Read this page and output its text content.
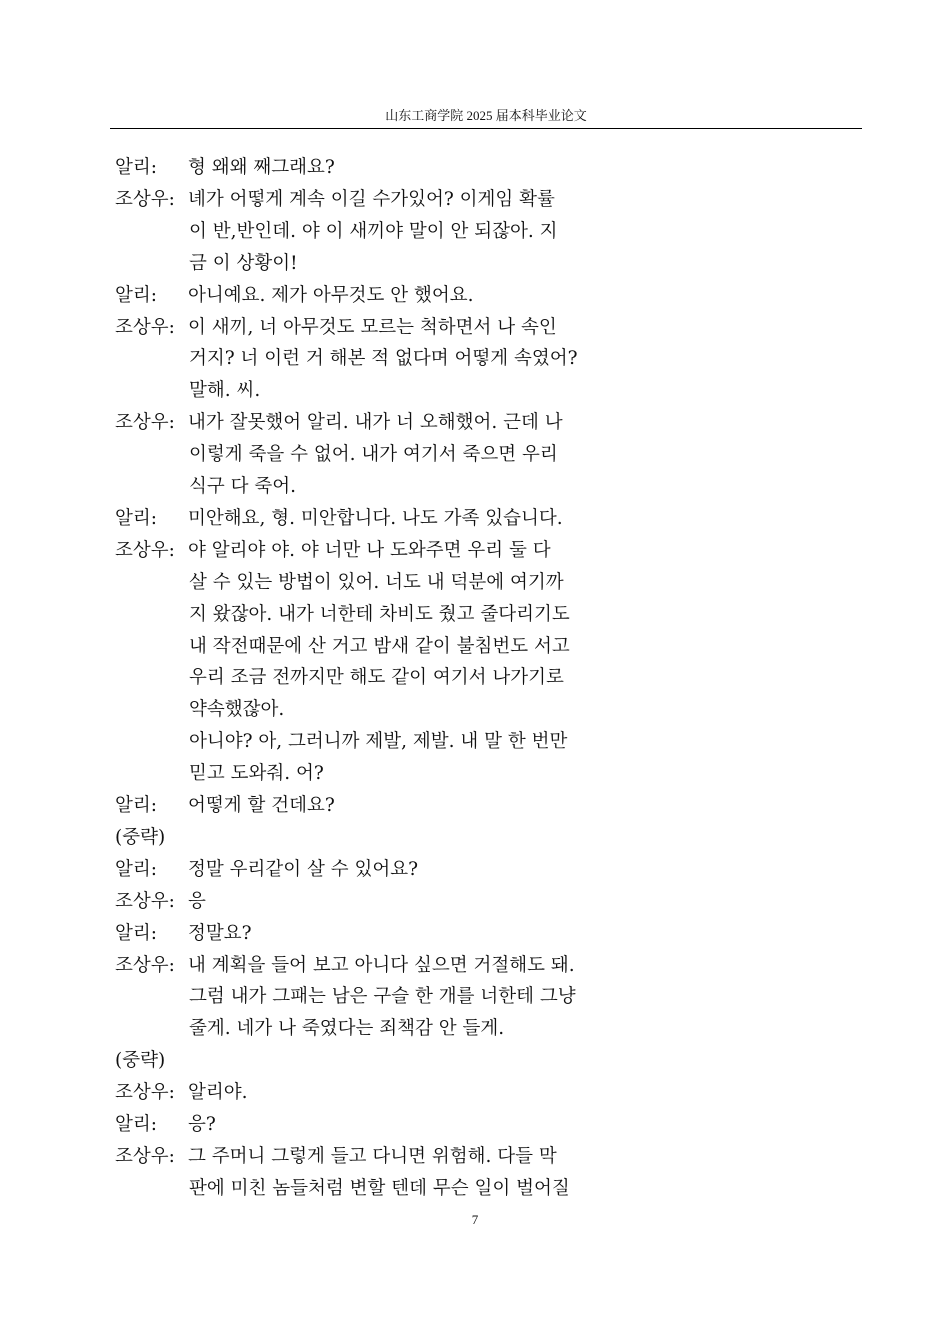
山东工商学院 2025 届本科毕业论文
알리: 형 왜왜 째그래요?
조상우: 녜가 어떻게 계속 이길 수가있어? 이게임 확률
이 반,반인데. 야 이 새끼야 말이 안 되잖아. 지
금 이 상황이!
알리: 아니예요. 제가 아무것도 안 했어요.
조상우: 이 새끼, 너 아무것도 모르는 척하면서 나 속인
거지? 너 이런 거 해본 적 없다며 어떻게 속였어?
말해. 씨.
조상우: 내가 잘못했어 알리. 내가 너 오해했어. 근데 나
이렇게 죽을 수 없어. 내가 여기서 죽으면 우리
식구 다 죽어.
알리: 미안해요, 형. 미안합니다. 나도 가족 있습니다.
조상우: 야 알리야 야. 야 너만 나 도와주면 우리 둘 다
살 수 있는 방법이 있어. 너도 내 덕분에 여기까
지 왔잖아. 내가 너한테 차비도 줬고 줄다리기도
내 작전때문에 산 거고 밤새 같이 불침번도 서고
우리 조금 전까지만 해도 같이 여기서 나가기로
약속했잖아.
아니야? 아, 그러니까 제발, 제발. 내 말 한 번만
믿고 도와줘. 어?
알리: 어떻게 할 건데요?
(중략)
알리: 정말 우리같이 살 수 있어요?
조상우: 응
알리: 정말요?
조상우: 내 계획을 들어 보고 아니다 싶으면 거절해도 돼.
그럼 내가 그패는 남은 구슬 한 개를 너한테 그냥
줄게. 네가 나 죽였다는 죄책감 안 들게.
(중략)
조상우: 알리야.
알리: 응?
조상우: 그 주머니 그렇게 들고 다니면 위험해. 다들 막
판에 미친 놈들처럼 변할 텐데 무슨 일이 벌어질
7
